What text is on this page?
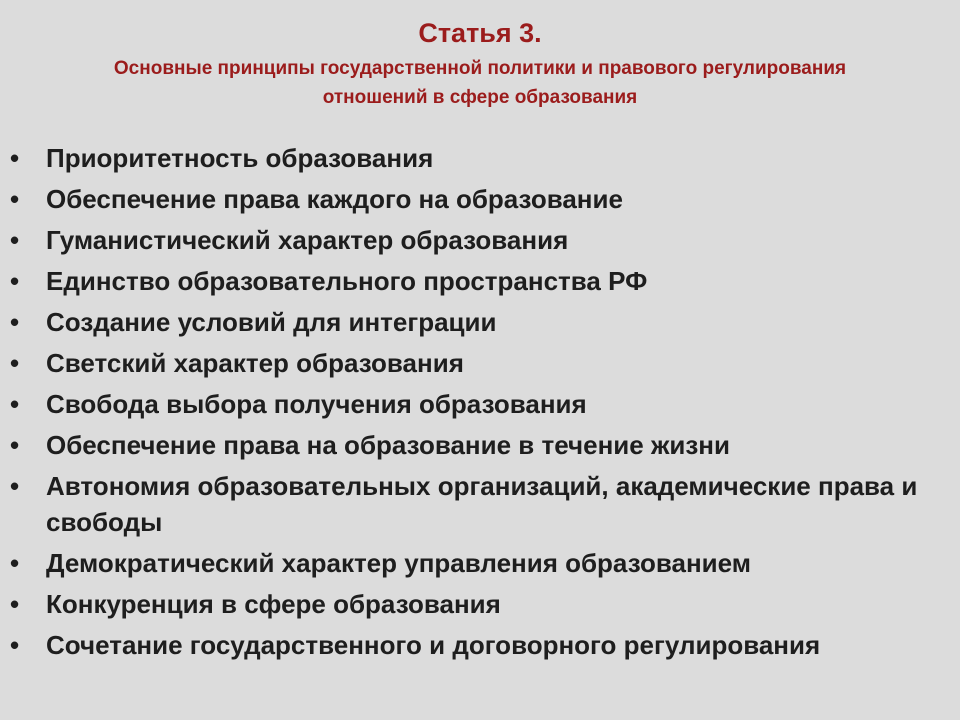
Статья 3.
Основные принципы государственной политики и правового регулирования отношений в сфере образования
• Приоритетность образования
• Обеспечение права каждого на образование
• Гуманистический характер образования
• Единство образовательного пространства РФ
• Создание условий для интеграции
• Светский характер образования
• Свобода выбора получения образования
• Обеспечение права на образование в течение жизни
• Автономия образовательных организаций, академические права и свободы
• Демократический характер управления образованием
• Конкуренция в сфере образования
• Сочетание государственного и договорного регулирования
